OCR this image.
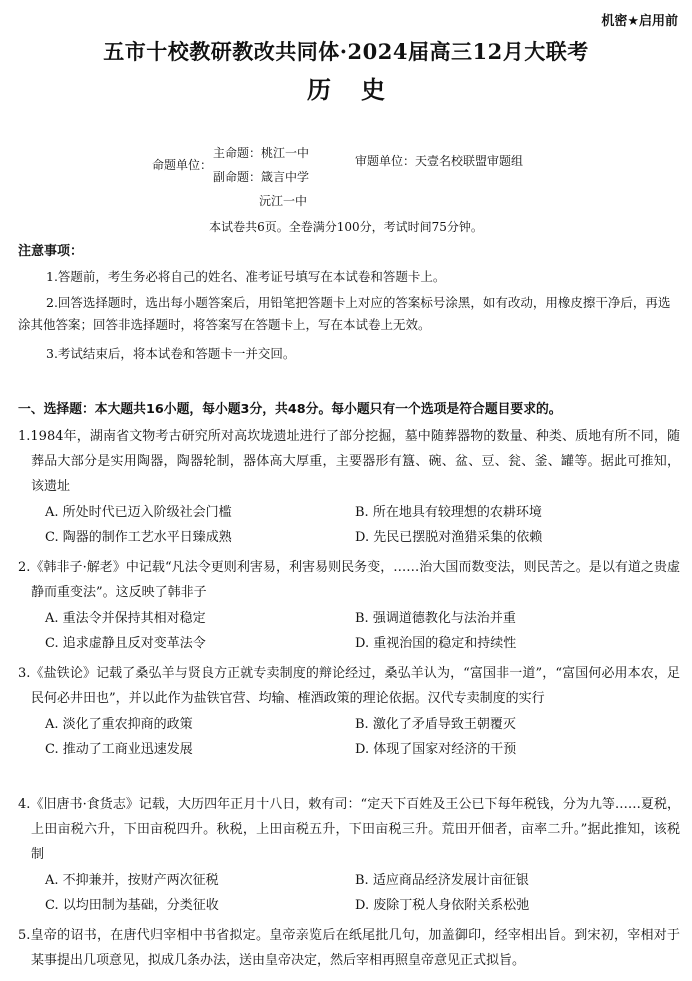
机密★启用前
五市十校教研教改共同体·2024届高三12月大联考
历史
命题单位：
主命题：桃江一中
副命题：箴言中学
沅江一中
审题单位：天壹名校联盟审题组
本试卷共6页。全卷满分100分，考试时间75分钟。
注意事项：
1.答题前，考生务必将自己的姓名、准考证号填写在本试卷和答题卡上。
2.回答选择题时，选出每小题答案后，用铅笔把答题卡上对应的答案标号涂黑，如有改动，用橡皮擦干净后，再选涂其他答案；回答非选择题时，将答案写在答题卡上，写在本试卷上无效。
3.考试结束后，将本试卷和答题卡一并交回。
一、选择题：本大题共16小题，每小题3分，共48分。每小题只有一个选项是符合题目要求的。
1.1984年，湖南省文物考古研究所对高坎垅遗址进行了部分挖掘，墓中随葬器物的数量、种类、质地有所不同，随葬品大部分是实用陶器，陶器轮制，器体高大厚重，主要器形有簋、碗、盆、豆、瓮、釜、罐等。据此可推知，该遗址
A. 所处时代已迈入阶级社会门槛	B. 所在地具有较理想的农耕环境
C. 陶器的制作工艺水平日臻成熟	D. 先民已摆脱对渔猎采集的依赖
2.《韩非子·解老》中记载“凡法令更则利害易，利害易则民务变，……治大国而数变法，则民苦之。是以有道之贵虚静而重变法”。这反映了韩非子
A. 重法令并保持其相对稳定	B. 强调道德教化与法治并重
C. 追求虚静且反对变革法令	D. 重视治国的稳定和持续性
3.《盐铁论》记载了桑弘羊与贤良方正就专卖制度的辩论经过，桑弘羊认为，“富国非一道”，“富国何必用本农，足民何必井田也”，并以此作为盐铁官营、均输、榷酒政策的理论依据。汉代专卖制度的实行
A. 淡化了重农抑商的政策	B. 激化了矛盾导致王朝覆灭
C. 推动了工商业迅速发展	D. 体现了国家对经济的干预
4.《旧唐书·食货志》记载，大历四年正月十八日，敕有司：“定天下百姓及王公已下每年税钱，分为九等……夏税，上田亩税六升，下田亩税四升。秋税，上田亩税五升，下田亩税三升。荒田开佃者，亩率二升。”据此推知，该税制
A. 不抑兼并，按财产两次征税	B. 适应商品经济发展计亩征银
C. 以均田制为基础，分类征收	D. 废除丁税人身依附关系松弛
5.皇帝的诏书，在唐代归宰相中书省拟定。皇帝亲览后在纸尾批几句，加盖御印，经宰相出旨。到宋初，宰相对于某事提出几项意见，拟成几条办法，送由皇帝决定，然后宰相再照皇帝意见正式拟旨。
